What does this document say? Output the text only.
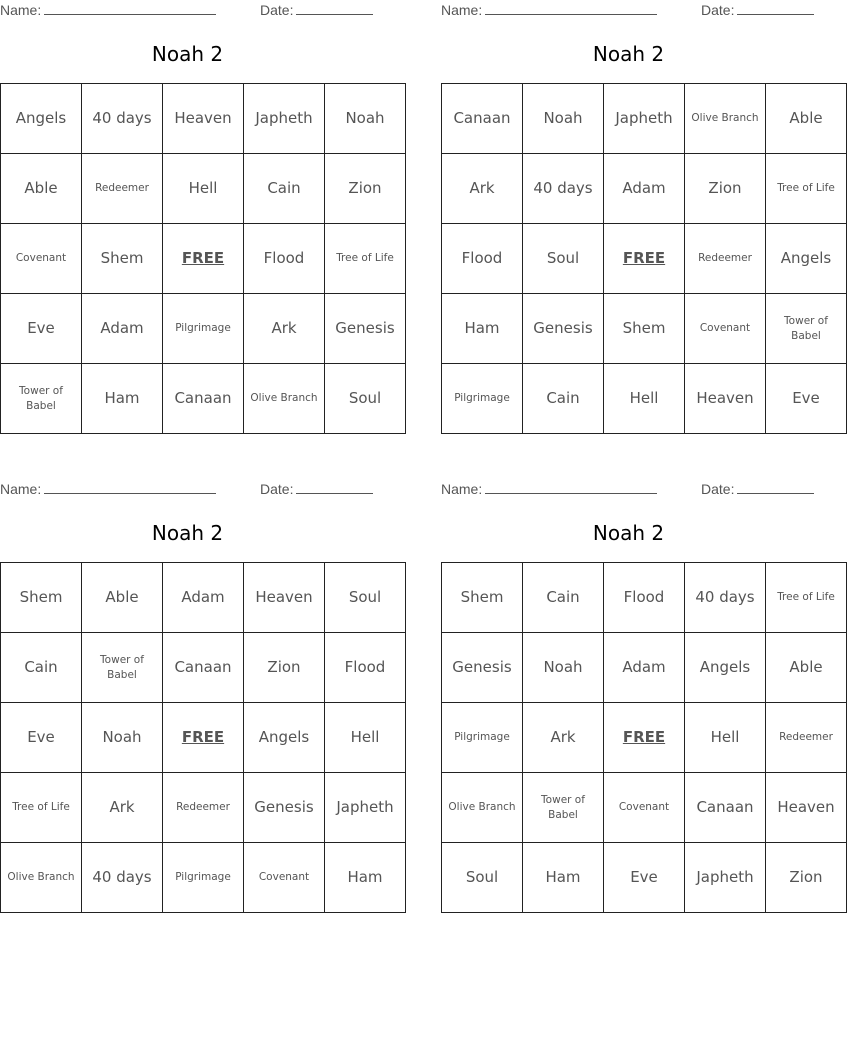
Name:	Date:
Noah 2
Angels	40 days	Heaven	Japheth	Noah
Able	Redeemer	Hell	Cain	Zion
Covenant	Shem	FREE	Flood	Tree of Life
Eve	Adam	Pilgrimage	Ark	Genesis
Tower of Babel	Ham	Canaan	Olive Branch	Soul
Name:	Date:
Noah 2
Canaan	Noah	Japheth	Olive Branch	Able
Ark	40 days	Adam	Zion	Tree of Life
Flood	Soul	FREE	Redeemer	Angels
Ham	Genesis	Shem	Covenant	Tower of Babel
Pilgrimage	Cain	Hell	Heaven	Eve
Name:	Date:
Noah 2
Shem	Able	Adam	Heaven	Soul
Cain	Tower of Babel	Canaan	Zion	Flood
Eve	Noah	FREE	Angels	Hell
Tree of Life	Ark	Redeemer	Genesis	Japheth
Olive Branch	40 days	Pilgrimage	Covenant	Ham
Name:	Date:
Noah 2
Shem	Cain	Flood	40 days	Tree of Life
Genesis	Noah	Adam	Angels	Able
Pilgrimage	Ark	FREE	Hell	Redeemer
Olive Branch	Tower of Babel	Covenant	Canaan	Heaven
Soul	Ham	Eve	Japheth	Zion
